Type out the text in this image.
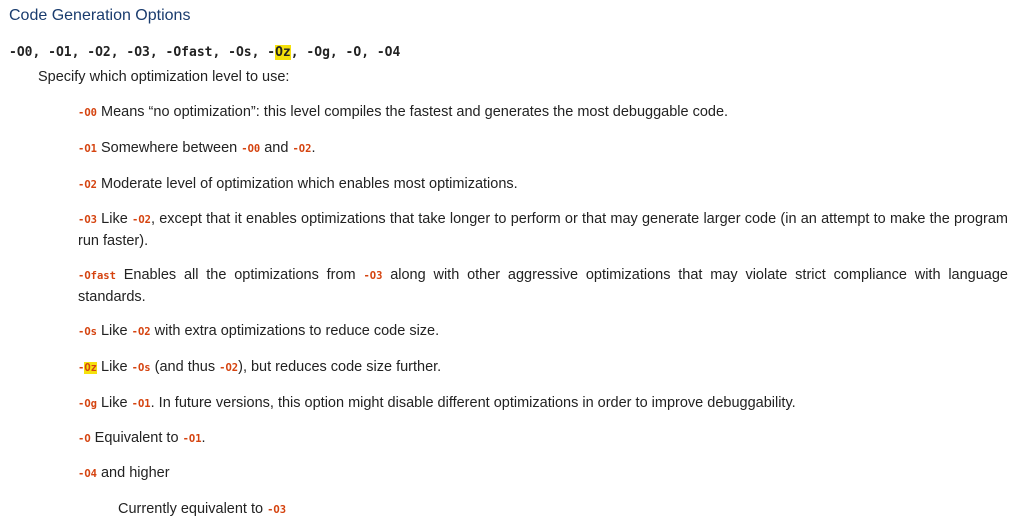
Code Generation Options
-O0, -O1, -O2, -O3, -Ofast, -Os, -Oz, -Og, -O, -O4
Specify which optimization level to use:
-O0 Means “no optimization”: this level compiles the fastest and generates the most debuggable code.
-O1 Somewhere between -O0 and -O2.
-O2 Moderate level of optimization which enables most optimizations.
-O3 Like -O2, except that it enables optimizations that take longer to perform or that may generate larger code (in an attempt to make the program run faster).
-Ofast Enables all the optimizations from -O3 along with other aggressive optimizations that may violate strict compliance with language standards.
-Os Like -O2 with extra optimizations to reduce code size.
-Oz Like -Os (and thus -O2), but reduces code size further.
-Og Like -O1. In future versions, this option might disable different optimizations in order to improve debuggability.
-O Equivalent to -O1.
-O4 and higher
Currently equivalent to -O3
